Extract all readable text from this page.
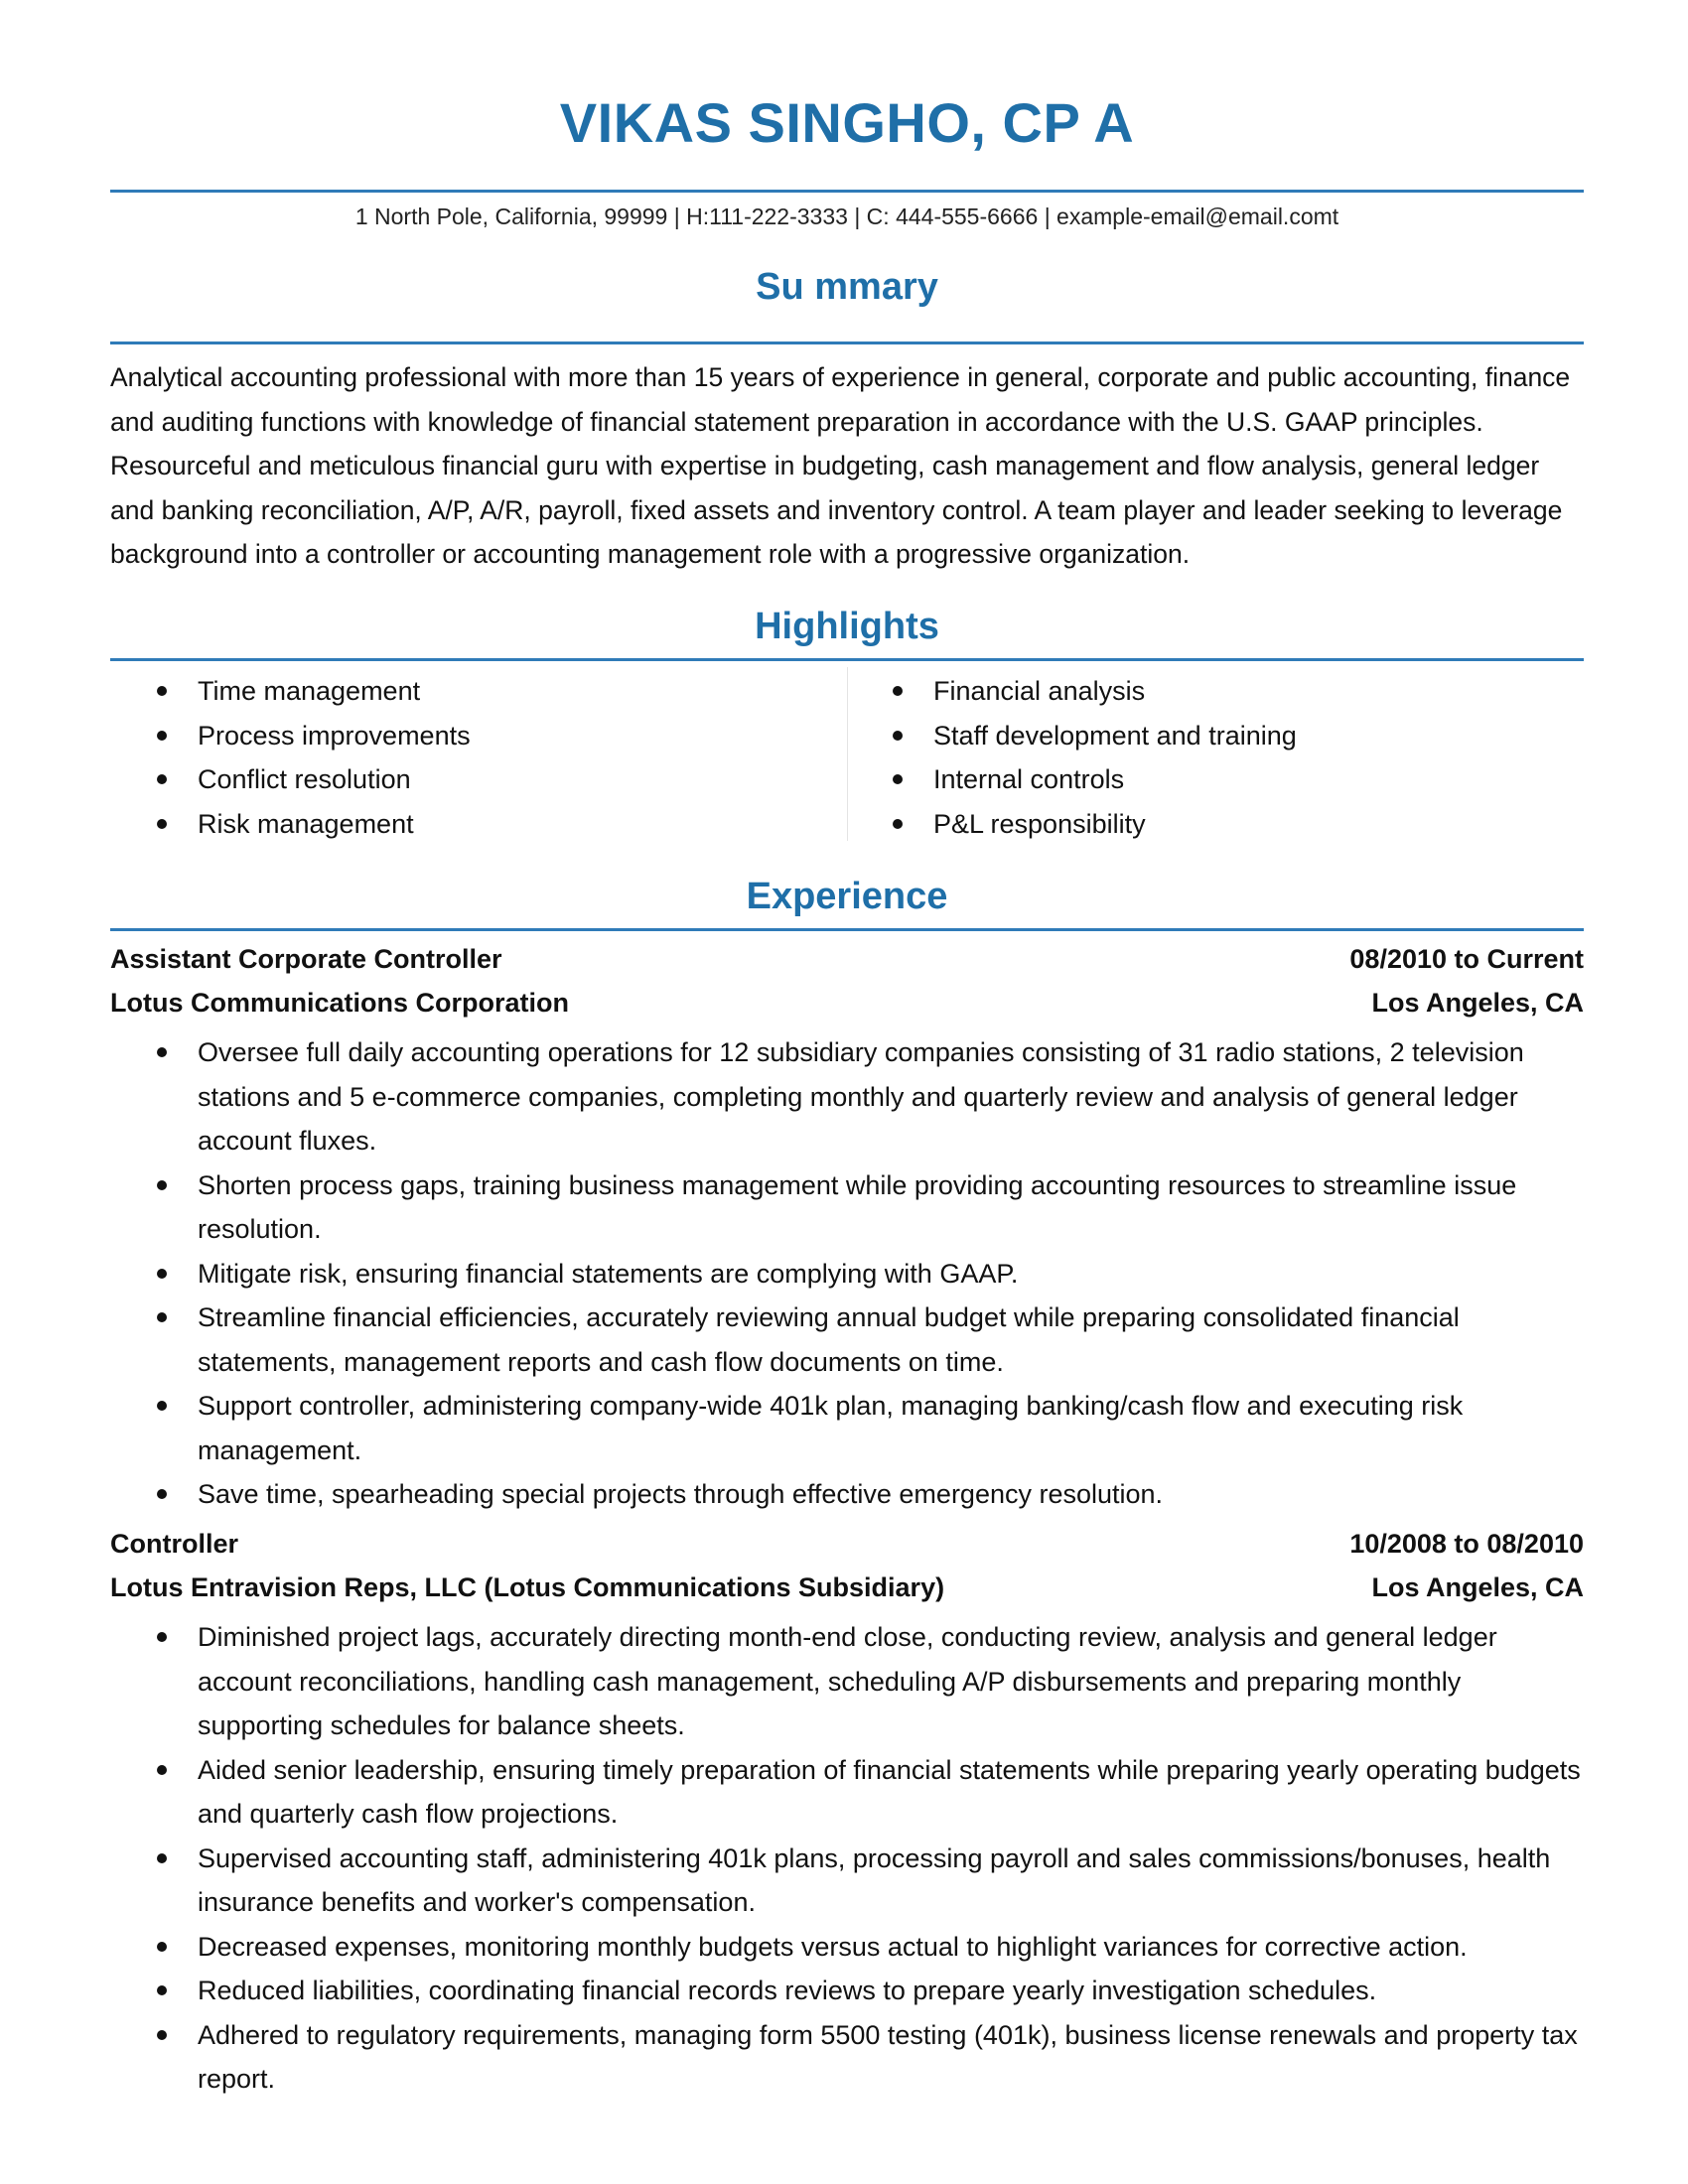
VIKAS SINGHO, CP A
1 North Pole, California, 99999 | H:111-222-3333 | C: 444-555-6666 | example-email@email.comt
Su mmary

Analytical accounting professional with more than 15 years of experience in general, corporate and public accounting, finance and auditing functions with knowledge of financial statement preparation in accordance with the U.S. GAAP principles. Resourceful and meticulous financial guru with expertise in budgeting, cash management and flow analysis, general ledger and banking reconciliation, A/P, A/R, payroll, fixed assets and inventory control. A team player and leader seeking to leverage background into a controller or accounting management role with a progressive organization.

Highlights
Time management
Process improvements
Conflict resolution
Risk management
Financial analysis
Staff development and training
Internal controls
P&L responsibility
Experience
Assistant Corporate Controller	08/2010 to Current
Lotus Communications Corporation	Los Angeles, CA
Oversee full daily accounting operations for 12 subsidiary companies consisting of 31 radio stations, 2 television stations and 5 e-commerce companies, completing monthly and quarterly review and analysis of general ledger account fluxes.
Shorten process gaps, training business management while providing accounting resources to streamline issue resolution.
Mitigate risk, ensuring financial statements are complying with GAAP.
Streamline financial efficiencies, accurately reviewing annual budget while preparing consolidated financial statements, management reports and cash flow documents on time.
Support controller, administering company-wide 401k plan, managing banking/cash flow and executing risk management.
Save time, spearheading special projects through effective emergency resolution.
Controller	10/2008 to 08/2010
Lotus Entravision Reps, LLC (Lotus Communications Subsidiary)	Los Angeles, CA
Diminished project lags, accurately directing month-end close, conducting review, analysis and general ledger account reconciliations, handling cash management, scheduling A/P disbursements and preparing monthly supporting schedules for balance sheets.
Aided senior leadership, ensuring timely preparation of financial statements while preparing yearly operating budgets and quarterly cash flow projections.
Supervised accounting staff, administering 401k plans, processing payroll and sales commissions/bonuses, health insurance benefits and worker's compensation.
Decreased expenses, monitoring monthly budgets versus actual to highlight variances for corrective action.
Reduced liabilities, coordinating financial records reviews to prepare yearly investigation schedules.
Adhered to regulatory requirements, managing form 5500 testing (401k), business license renewals and property tax report.
